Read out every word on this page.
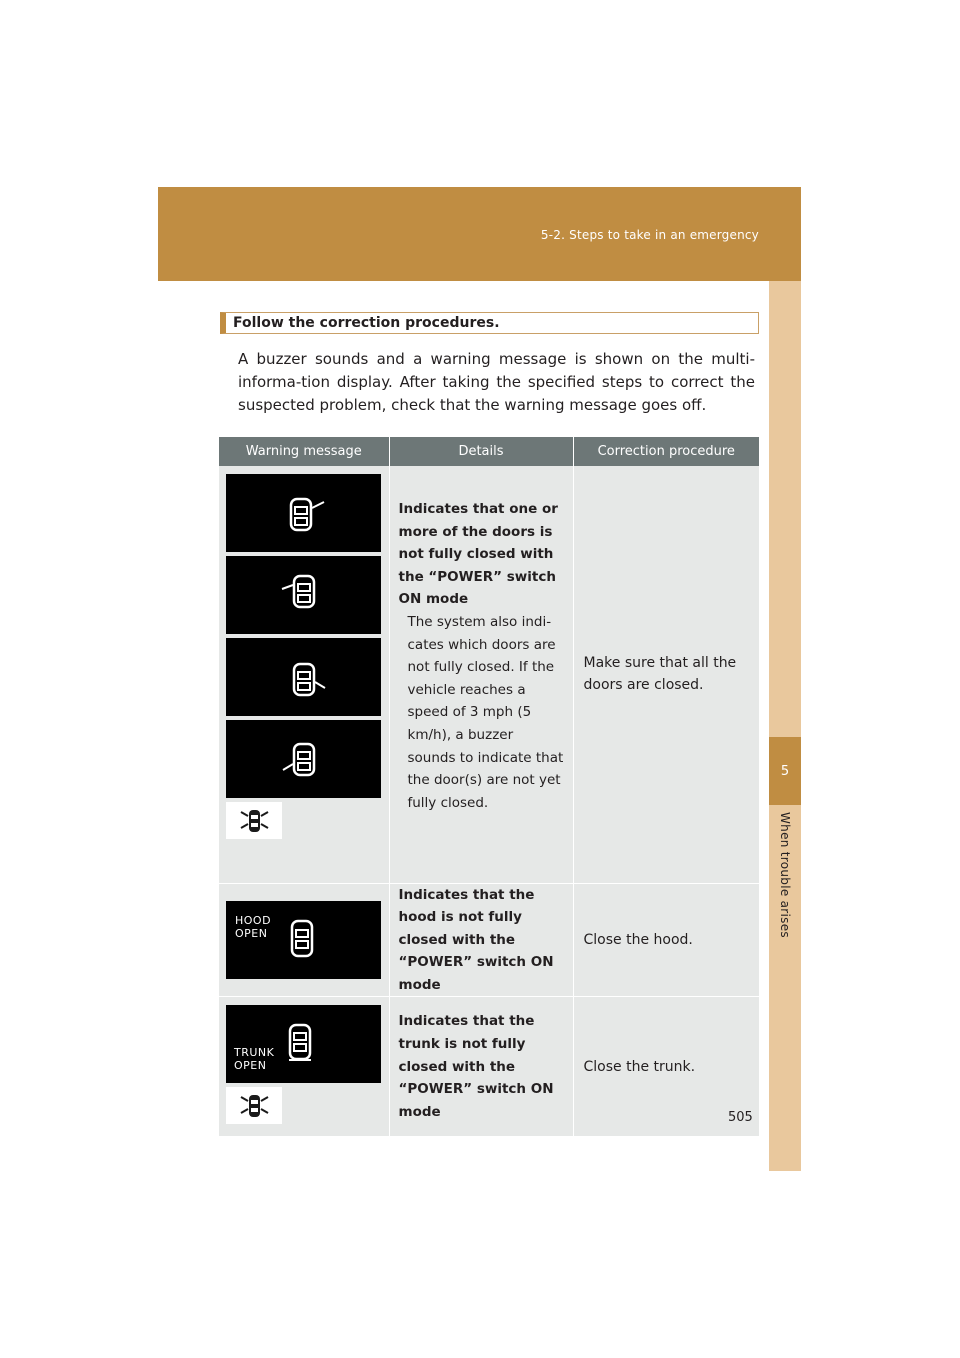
5-2. Steps to take in an emergency
5
When trouble arises
Follow the correction procedures.
A buzzer sounds and a warning message is shown on the multi-informa-tion display. After taking the specified steps to correct the suspected problem, check that the warning message goes off.
Warning message	Details	Correction procedure

Indicates that one or more of the doors is not fully closed with the “POWER” switch ON mode
The system also indi-cates which doors are not fully closed. If the vehicle reaches a speed of 3 mph (5 km/h), a buzzer sounds to indicate that the door(s) are not yet fully closed.	Make sure that all the doors are closed.

HOOD
OPEN	Indicates that the hood is not fully closed with the “POWER” switch ON mode	Close the hood.

TRUNK
OPEN	Indicates that the trunk is not fully closed with the “POWER” switch ON mode	Close the trunk.
505
